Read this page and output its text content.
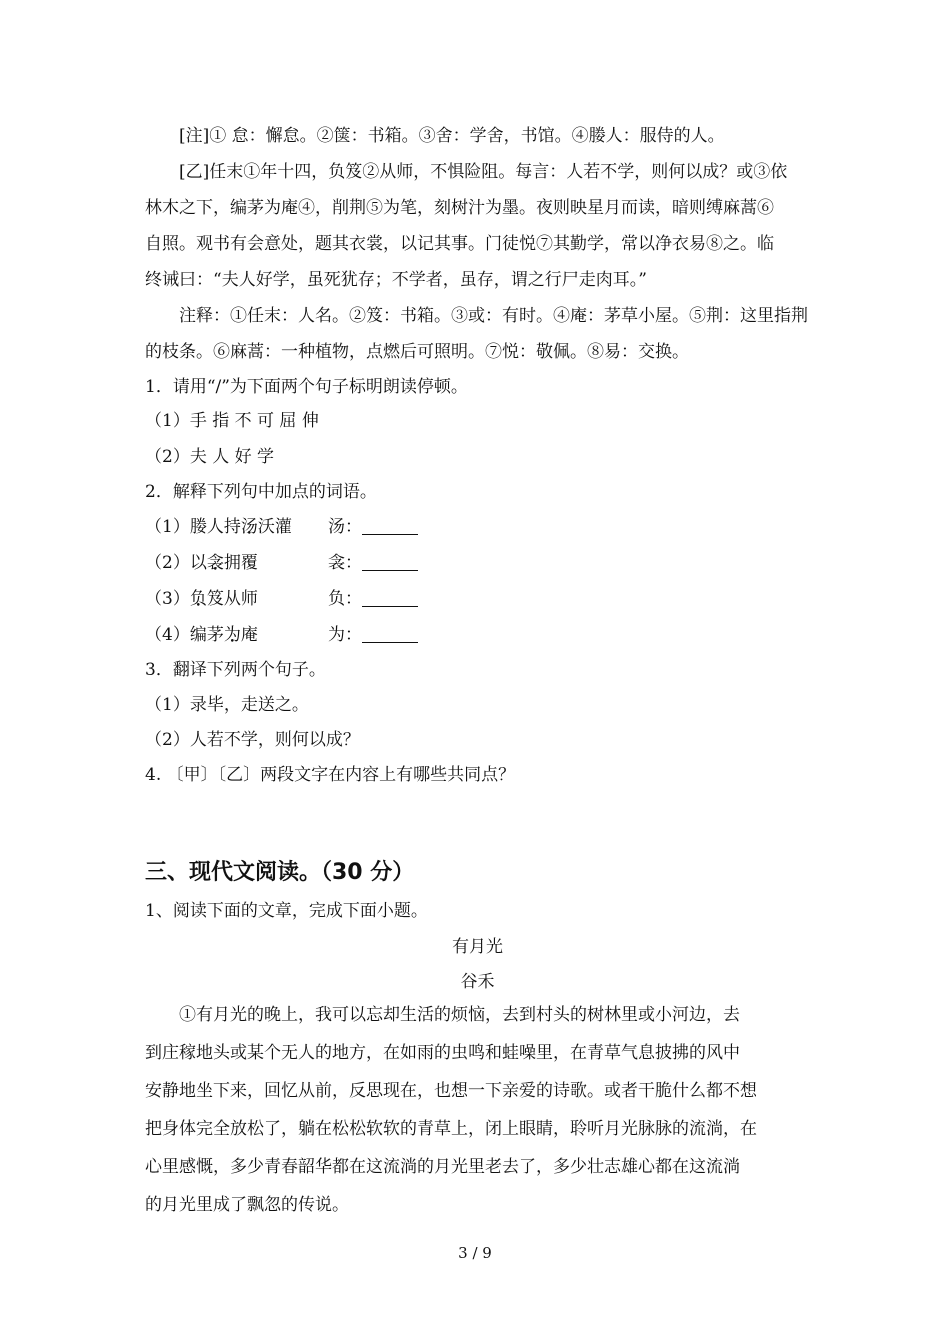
[注]① 怠：懈怠。②箧：书箱。③舍：学舍，书馆。④媵人：服侍的人。
[乙]任末①年十四，负笈②从师，不惧险阻。每言：人若不学，则何以成？或③依
林木之下，编茅为庵④，削荆⑤为笔，刻树汁为墨。夜则映星月而读，暗则缚麻蒿⑥
自照。观书有会意处，题其衣裳，以记其事。门徒悦⑦其勤学，常以净衣易⑧之。临
终诫曰：“夫人好学，虽死犹存；不学者，虽存，谓之行尸走肉耳。”
注释：①任末：人名。②笈：书箱。③或：有时。④庵：茅草小屋。⑤荆：这里指荆
的枝条。⑥麻蒿：一种植物，点燃后可照明。⑦悦：敬佩。⑧易：交换。
1．请用“/”为下面两个句子标明朗读停顿。
（1）手 指 不 可 屈 伸
（2）夫 人 好 学
2．解释下列句中加点的词语。
（1）媵人持汤沃灌 汤：
（2）以衾拥覆	衾：
（3）负笈从师	负：
（4）编茅为庵	为：
3．翻译下列两个句子。
（1）录毕，走送之。
（2）人若不学，则何以成？
4. 〔甲〕〔乙〕两段文字在内容上有哪些共同点？
三、现代文阅读。（30 分）
1、阅读下面的文章，完成下面小题。
有月光
谷禾
①有月光的晚上，我可以忘却生活的烦恼，去到村头的树林里或小河边，去
到庄稼地头或某个无人的地方，在如雨的虫鸣和蛙噪里，在青草气息披拂的风中
安静地坐下来，回忆从前，反思现在，也想一下亲爱的诗歌。或者干脆什么都不想
把身体完全放松了，躺在松松软软的青草上，闭上眼睛，聆听月光脉脉的流淌，在
心里感慨，多少青春韶华都在这流淌的月光里老去了，多少壮志雄心都在这流淌
的月光里成了飘忽的传说。
3 / 9
